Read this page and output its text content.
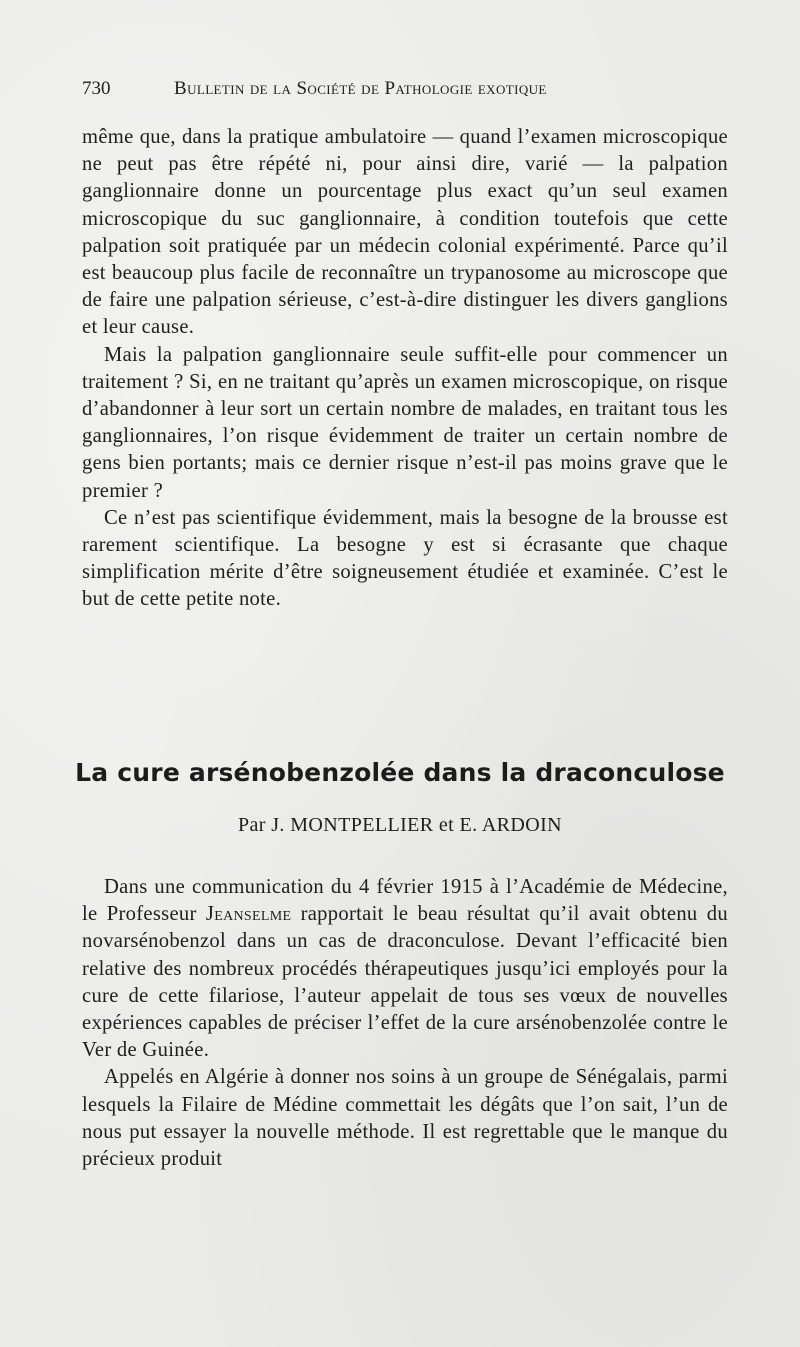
730	Bulletin de la Société de Pathologie exotique

même que, dans la pratique ambulatoire — quand l’examen microscopique ne peut pas être répété ni, pour ainsi dire, varié — la palpation ganglionnaire donne un pourcentage plus exact qu’un seul examen microscopique du suc ganglionnaire, à condition toutefois que cette palpation soit pratiquée par un médecin colonial expérimenté. Parce qu’il est beaucoup plus facile de reconnaître un trypanosome au microscope que de faire une palpation sérieuse, c’est-à-dire distinguer les divers ganglions et leur cause.

Mais la palpation ganglionnaire seule suffit-elle pour commencer un traitement ? Si, en ne traitant qu’après un examen microscopique, on risque d’abandonner à leur sort un certain nombre de malades, en traitant tous les ganglionnaires, l’on risque évidemment de traiter un certain nombre de gens bien portants; mais ce dernier risque n’est-il pas moins grave que le premier ?

Ce n’est pas scientifique évidemment, mais la besogne de la brousse est rarement scientifique. La besogne y est si écrasante que chaque simplification mérite d’être soigneusement étudiée et examinée. C’est le but de cette petite note.

La cure arsénobenzolée dans la draconculose
Par J. MONTPELLIER et E. ARDOIN

Dans une communication du 4 février 1915 à l’Académie de Médecine, le Professeur Jeanselme rapportait le beau résultat qu’il avait obtenu du novarsénobenzol dans un cas de draconculose. Devant l’efficacité bien relative des nombreux procédés thérapeutiques jusqu’ici employés pour la cure de cette filariose, l’auteur appelait de tous ses vœux de nouvelles expériences capables de préciser l’effet de la cure arsénobenzolée contre le Ver de Guinée.

Appelés en Algérie à donner nos soins à un groupe de Sénégalais, parmi lesquels la Filaire de Médine commettait les dégâts que l’on sait, l’un de nous put essayer la nouvelle méthode. Il est regrettable que le manque du précieux produit
